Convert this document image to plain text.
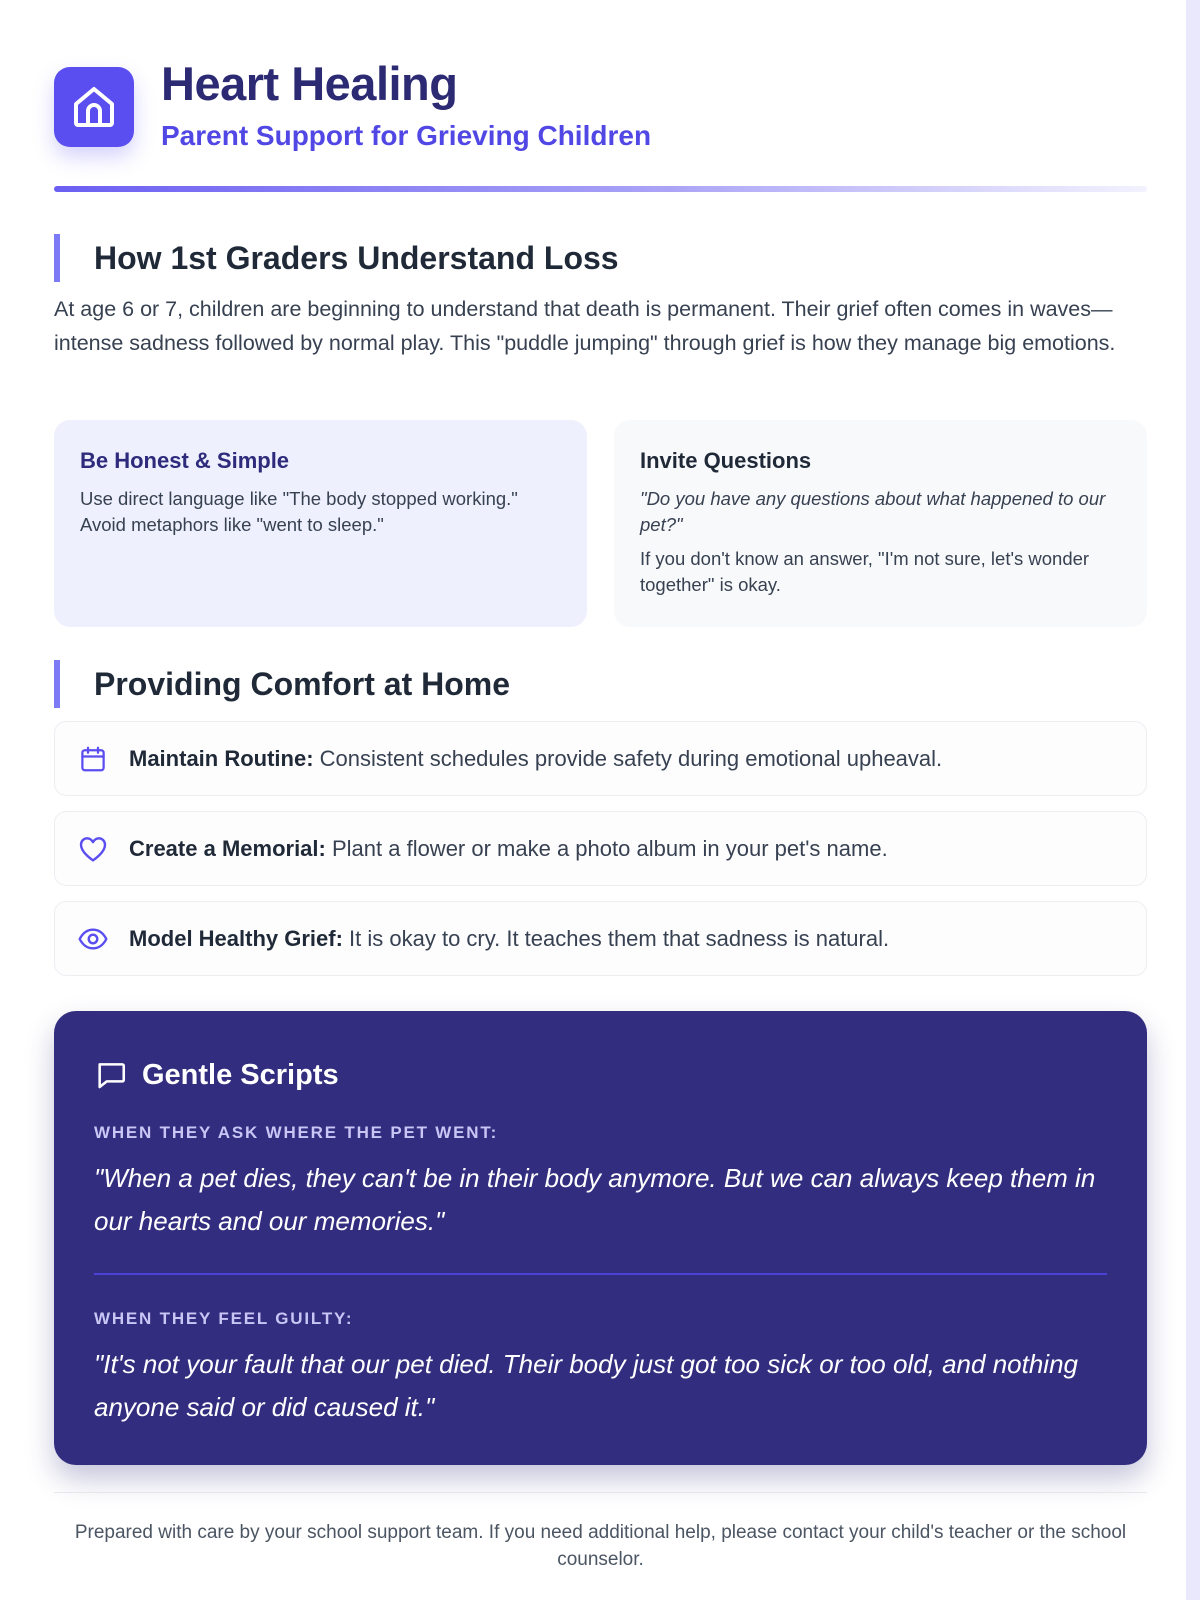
Heart Healing
Parent Support for Grieving Children
How 1st Graders Understand Loss

At age 6 or 7, children are beginning to understand that death is permanent. Their grief often comes in waves—intense sadness followed by normal play. This "puddle jumping" through grief is how they manage big emotions.

Be Honest & Simple
Use direct language like "The body stopped working." Avoid metaphors like "went to sleep."
Invite Questions
"Do you have any questions about what happened to our pet?"
If you don't know an answer, "I'm not sure, let's wonder together" is okay.
Providing Comfort at Home
Maintain Routine: Consistent schedules provide safety during emotional upheaval.
Create a Memorial: Plant a flower or make a photo album in your pet's name.
Model Healthy Grief: It is okay to cry. It teaches them that sadness is natural.
Gentle Scripts
WHEN THEY ASK WHERE THE PET WENT:
"When a pet dies, they can't be in their body anymore. But we can always keep them in our hearts and our memories."
WHEN THEY FEEL GUILTY:
"It's not your fault that our pet died. Their body just got too sick or too old, and nothing anyone said or did caused it."

Prepared with care by your school support team. If you need additional help, please contact your child's teacher or the school counselor.
